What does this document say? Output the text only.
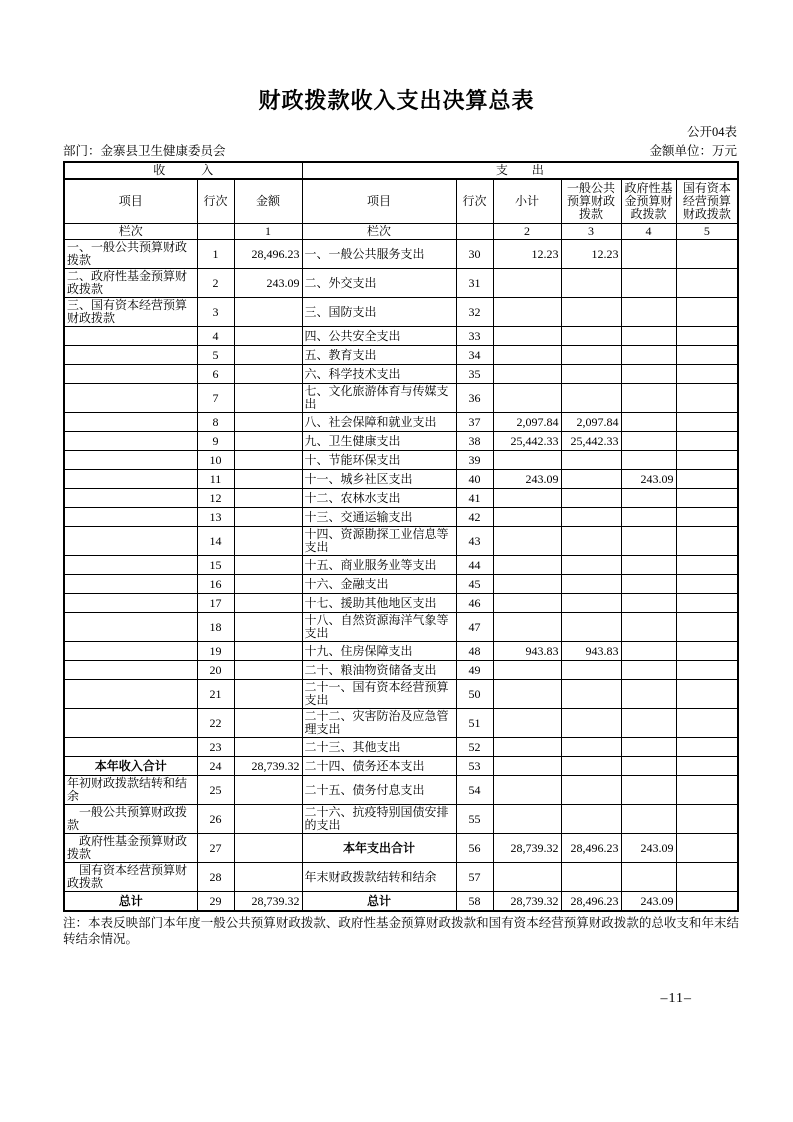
财政拨款收入支出决算总表
公开04表
部门：金寨县卫生健康委员会	金额单位：万元
收　　　入			支　　出					
项目	行次	金额	项目	行次	小计	一般公共预算财政拨款	政府性基金预算财政拨款	国有资本经营预算财政拨款
栏次		1	栏次		2	3	4	5
一、一般公共预算财政拨款	1	28,496.23	一、一般公共服务支出	30	12.23	12.23		
二、政府性基金预算财政拨款	2	243.09	二、外交支出	31				
三、国有资本经营预算财政拨款	3		三、国防支出	32				
	4		四、公共安全支出	33				
	5		五、教育支出	34				
	6		六、科学技术支出	35				
	7		七、文化旅游体育与传媒支出	36				
	8		八、社会保障和就业支出	37	2,097.84	2,097.84		
	9		九、卫生健康支出	38	25,442.33	25,442.33		
	10		十、节能环保支出	39				
	11		十一、城乡社区支出	40	243.09		243.09	
	12		十二、农林水支出	41				
	13		十三、交通运输支出	42				
	14		十四、资源勘探工业信息等支出	43				
	15		十五、商业服务业等支出	44				
	16		十六、金融支出	45				
	17		十七、援助其他地区支出	46				
	18		十八、自然资源海洋气象等支出	47				
	19		十九、住房保障支出	48	943.83	943.83		
	20		二十、粮油物资储备支出	49				
	21		二十一、国有资本经营预算支出	50				
	22		二十二、灾害防治及应急管理支出	51				
	23		二十三、其他支出	52				
本年收入合计	24	28,739.32	二十四、债务还本支出	53				
年初财政拨款结转和结余	25		二十五、债务付息支出	54				
　一般公共预算财政拨款	26		二十六、抗疫特别国债安排的支出	55				
　政府性基金预算财政拨款	27		本年支出合计	56	28,739.32	28,496.23	243.09	
　国有资本经营预算财政拨款	28		年末财政拨款结转和结余	57				
总计	29	28,739.32	总计	58	28,739.32	28,496.23	243.09	
注：本表反映部门本年度一般公共预算财政拨款、政府性基金预算财政拨款和国有资本经营预算财政拨款的总收支和年末结转结余情况。
–11–
